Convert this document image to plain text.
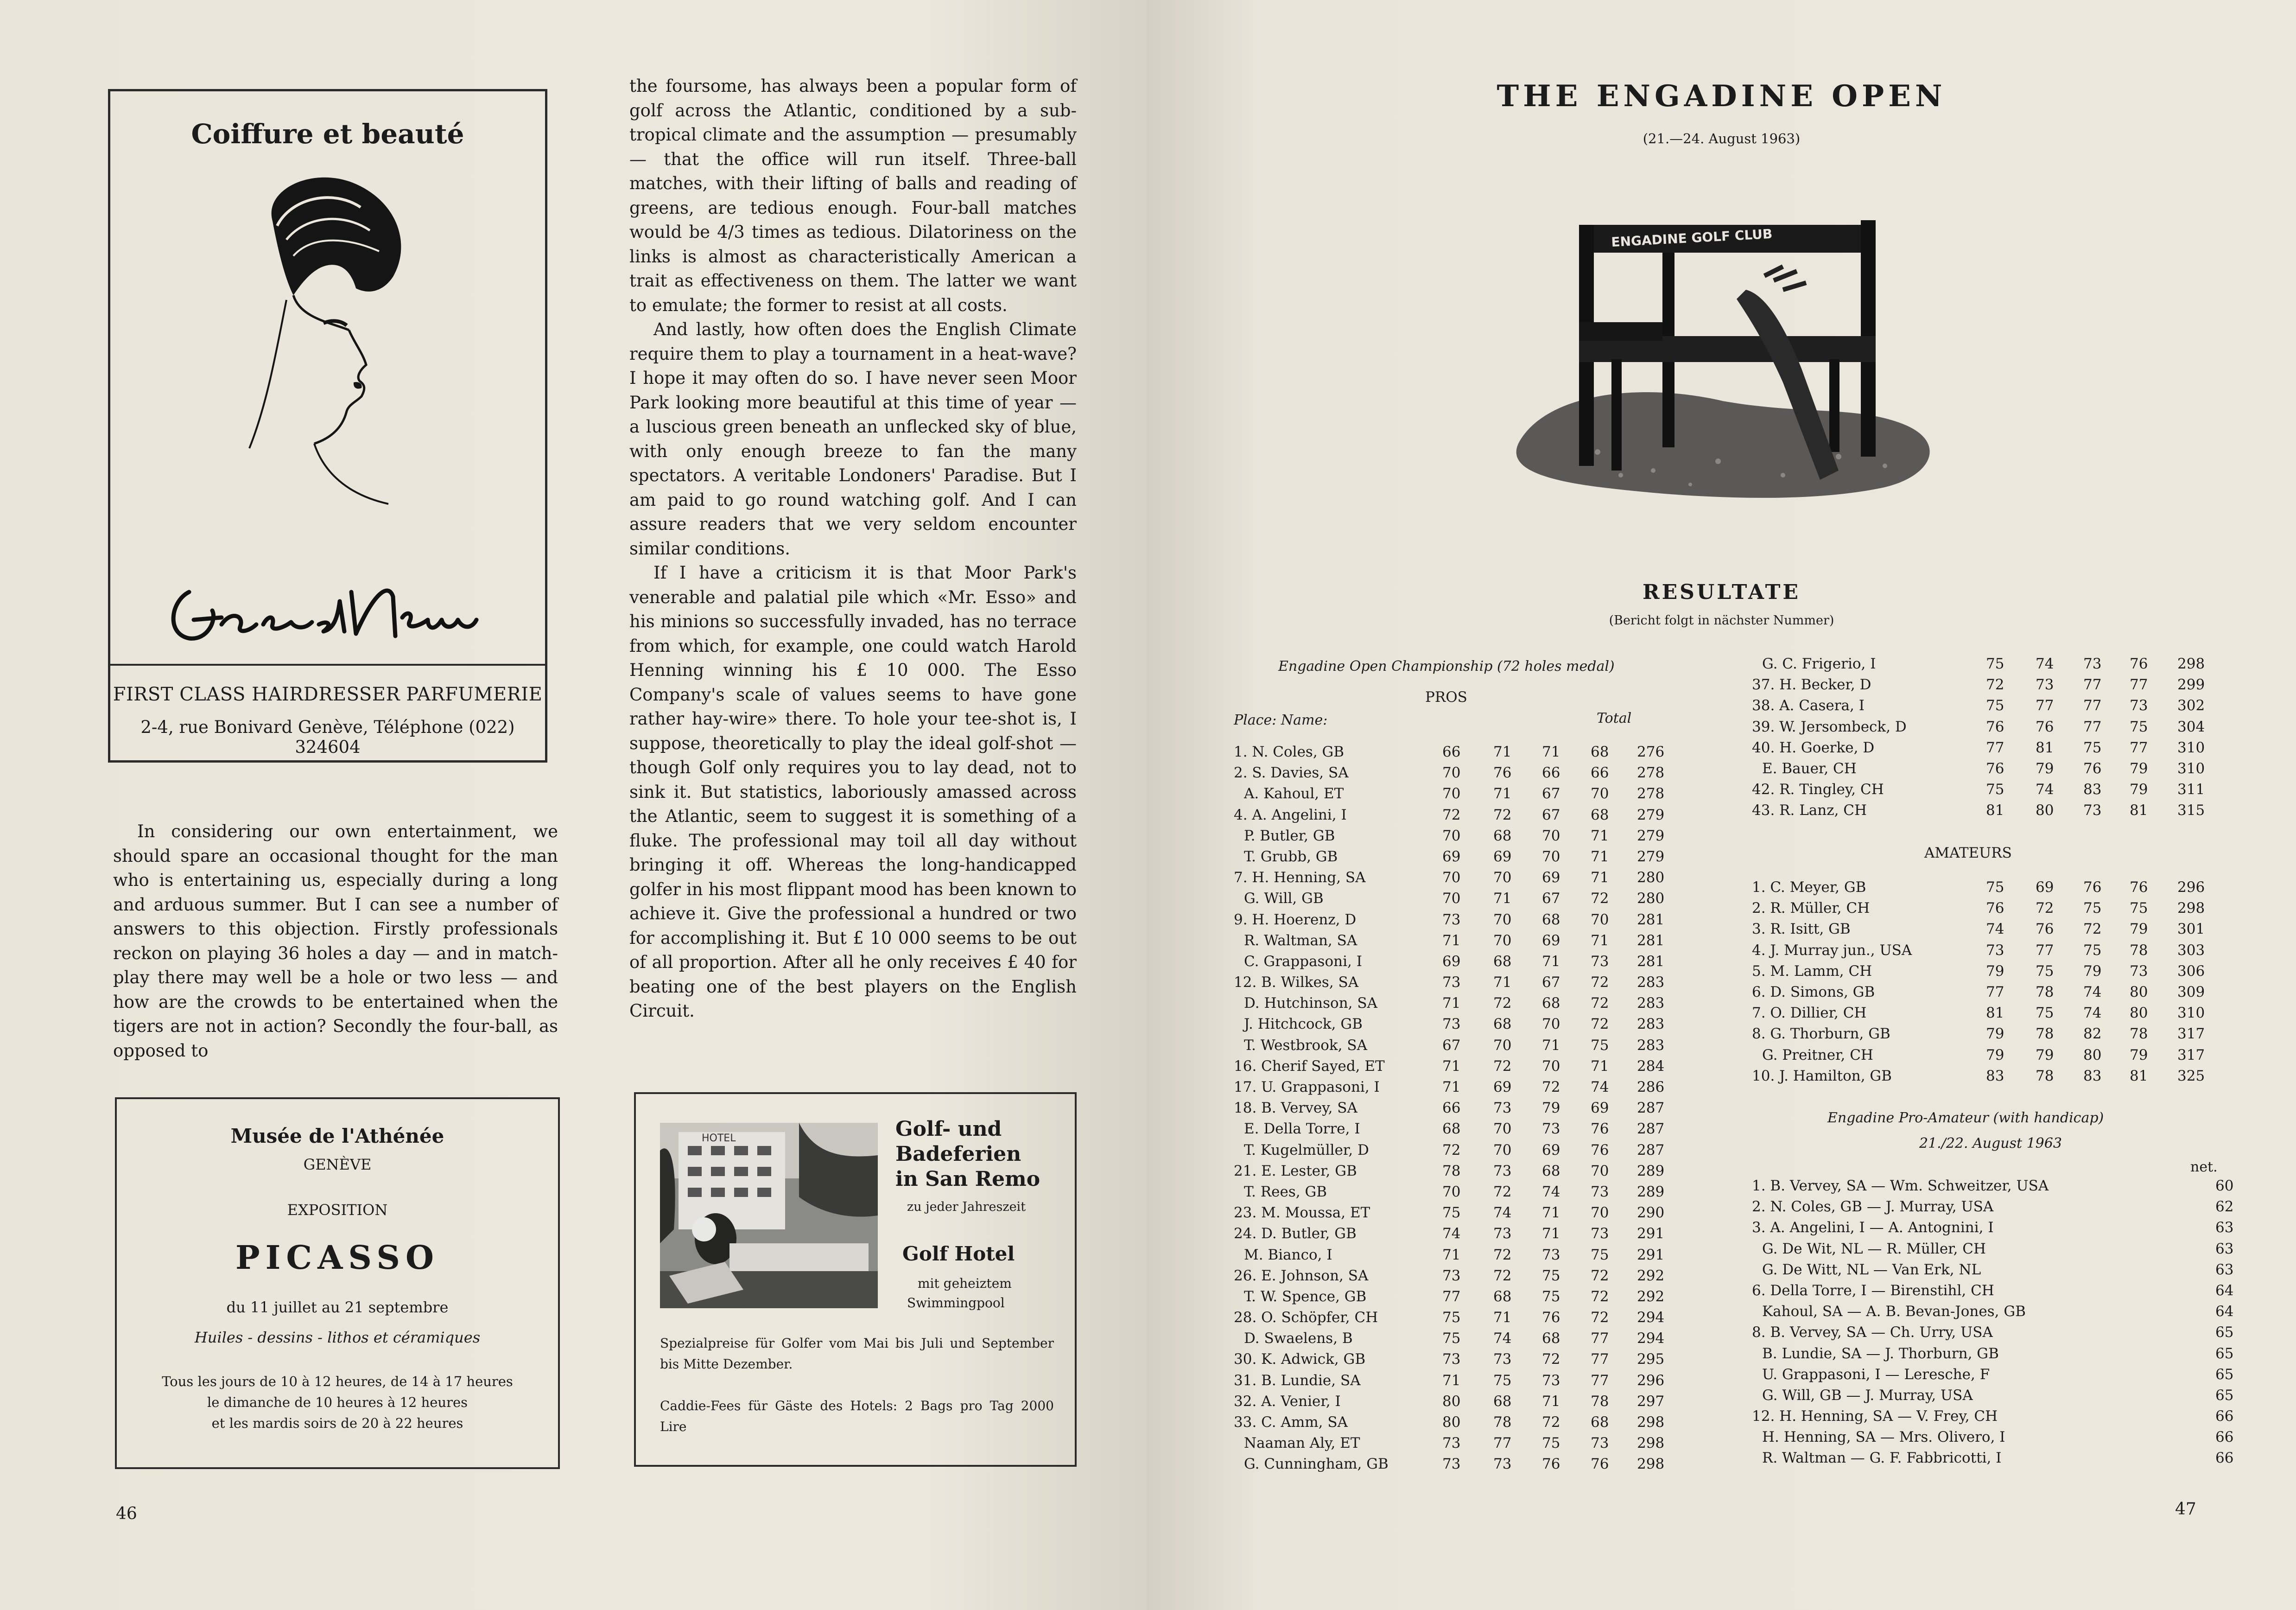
Coiffure et beauté
FIRST CLASS HAIRDRESSER PARFUMERIE
2-4, rue Bonivard Genève, Téléphone (022) 324604

In considering our own entertainment, we should spare an occasional thought for the man who is entertaining us, especially during a long and arduous summer. But I can see a number of answers to this objection. Firstly professionals reckon on playing 36 holes a day — and in match-play there may well be a hole or two less — and how are the crowds to be entertained when the tigers are not in action? Secondly the four-ball, as opposed to

the foursome, has always been a popular form of golf across the Atlantic, conditioned by a sub-tropical climate and the assumption — presumably — that the office will run itself. Three-ball matches, with their lifting of balls and reading of greens, are tedious enough. Four-ball matches would be 4/3 times as tedious. Dilatoriness on the links is almost as characteristically American a trait as effectiveness on them. The latter we want to emulate; the former to resist at all costs.

And lastly, how often does the English Climate require them to play a tournament in a heat-wave? I hope it may often do so. I have never seen Moor Park looking more beautiful at this time of year — a luscious green beneath an unflecked sky of blue, with only enough breeze to fan the many spectators. A veritable Londoners' Paradise. But I am paid to go round watching golf. And I can assure readers that we very seldom encounter similar conditions.

If I have a criticism it is that Moor Park's venerable and palatial pile which «Mr. Esso» and his minions so successfully invaded, has no terrace from which, for example, one could watch Harold Henning winning his £ 10 000. The Esso Company's scale of values seems to have gone rather hay-wire» there. To hole your tee-shot is, I suppose, theoretically to play the ideal golf-shot — though Golf only requires you to lay dead, not to sink it. But statistics, laboriously amassed across the Atlantic, seem to suggest it is something of a fluke. The professional may toil all day without bringing it off. Whereas the long-handicapped golfer in his most flippant mood has been known to achieve it. Give the professional a hundred or two for accomplishing it. But £ 10 000 seems to be out of all proportion. After all he only receives £ 40 for beating one of the best players on the English Circuit.

Musée de l'Athénée
GENÈVE
EXPOSITION
PICASSO
du 11 juillet au 21 septembre
Huiles - dessins - lithos et céramiques
Tous les jours de 10 à 12 heures, de 14 à 17 heures
le dimanche de 10 heures à 12 heures
et les mardis soirs de 20 à 22 heures
HOTEL	Golf- und
Badeferien
in San Remo
zu jeder Jahreszeit
Golf Hotel
mit geheiztem
Swimmingpool
Spezialpreise für Golfer vom Mai bis Juli und September bis Mitte Dezember.
Caddie-Fees für Gäste des Hotels: 2 Bags pro Tag 2000 Lire
46
THE ENGADINE OPEN
(21.—24. August 1963)
ENGADINE GOLF CLUB
RESULTATE
(Bericht folgt in nächster Nummer)
Engadine Open Championship (72 holes medal)
PROS
Place: Name:	Total
1. N. Coles, GB	66 71 71 68 276
2. S. Davies, SA	70 76 66 66 278
A. Kahoul, ET	70 71 67 70 278
4. A. Angelini, I	72 72 67 68 279
P. Butler, GB	70 68 70 71 279
T. Grubb, GB	69 69 70 71 279
7. H. Henning, SA	70 70 69 71 280
G. Will, GB	70 71 67 72 280
9. H. Hoerenz, D	73 70 68 70 281
R. Waltman, SA	71 70 69 71 281
C. Grappasoni, I	69 68 71 73 281
12. B. Wilkes, SA	73 71 67 72 283
D. Hutchinson, SA	71 72 68 72 283
J. Hitchcock, GB	73 68 70 72 283
T. Westbrook, SA	67 70 71 75 283
16. Cherif Sayed, ET	71 72 70 71 284
17. U. Grappasoni, I	71 69 72 74 286
18. B. Vervey, SA	66 73 79 69 287
E. Della Torre, I	68 70 73 76 287
T. Kugelmüller, D	72 70 69 76 287
21. E. Lester, GB	78 73 68 70 289
T. Rees, GB	70 72 74 73 289
23. M. Moussa, ET	75 74 71 70 290
24. D. Butler, GB	74 73 71 73 291
M. Bianco, I	71 72 73 75 291
26. E. Johnson, SA	73 72 75 72 292
T. W. Spence, GB	77 68 75 72 292
28. O. Schöpfer, CH	75 71 76 72 294
D. Swaelens, B	75 74 68 77 294
30. K. Adwick, GB	73 73 72 77 295
31. B. Lundie, SA	71 75 73 77 296
32. A. Venier, I	80 68 71 78 297
33. C. Amm, SA	80 78 72 68 298
Naaman Aly, ET	73 77 75 73 298
G. Cunningham, GB	73 73 76 76 298
G. C. Frigerio, I	75 74 73 76 298
37. H. Becker, D	72 73 77 77 299
38. A. Casera, I	75 77 77 73 302
39. W. Jersombeck, D	76 76 77 75 304
40. H. Goerke, D	77 81 75 77 310
E. Bauer, CH	76 79 76 79 310
42. R. Tingley, CH	75 74 83 79 311
43. R. Lanz, CH	81 80 73 81 315
AMATEURS
1. C. Meyer, GB	75 69 76 76 296
2. R. Müller, CH	76 72 75 75 298
3. R. Isitt, GB	74 76 72 79 301
4. J. Murray jun., USA	73 77 75 78 303
5. M. Lamm, CH	79 75 79 73 306
6. D. Simons, GB	77 78 74 80 309
7. O. Dillier, CH	81 75 74 80 310
8. G. Thorburn, GB	79 78 82 78 317
G. Preitner, CH	79 79 80 79 317
10. J. Hamilton, GB	83 78 83 81 325
Engadine Pro-Amateur (with handicap)
21./22. August 1963
net.
1. B. Vervey, SA — Wm. Schweitzer, USA	60
2. N. Coles, GB — J. Murray, USA	62
3. A. Angelini, I — A. Antognini, I	63
G. De Wit, NL — R. Müller, CH	63
G. De Witt, NL — Van Erk, NL	63
6. Della Torre, I — Birenstihl, CH	64
Kahoul, SA — A. B. Bevan-Jones, GB	64
8. B. Vervey, SA — Ch. Urry, USA	65
B. Lundie, SA — J. Thorburn, GB	65
U. Grappasoni, I — Leresche, F	65
G. Will, GB — J. Murray, USA	65
12. H. Henning, SA — V. Frey, CH	66
H. Henning, SA — Mrs. Olivero, I	66
R. Waltman — G. F. Fabbricotti, I	66
47
